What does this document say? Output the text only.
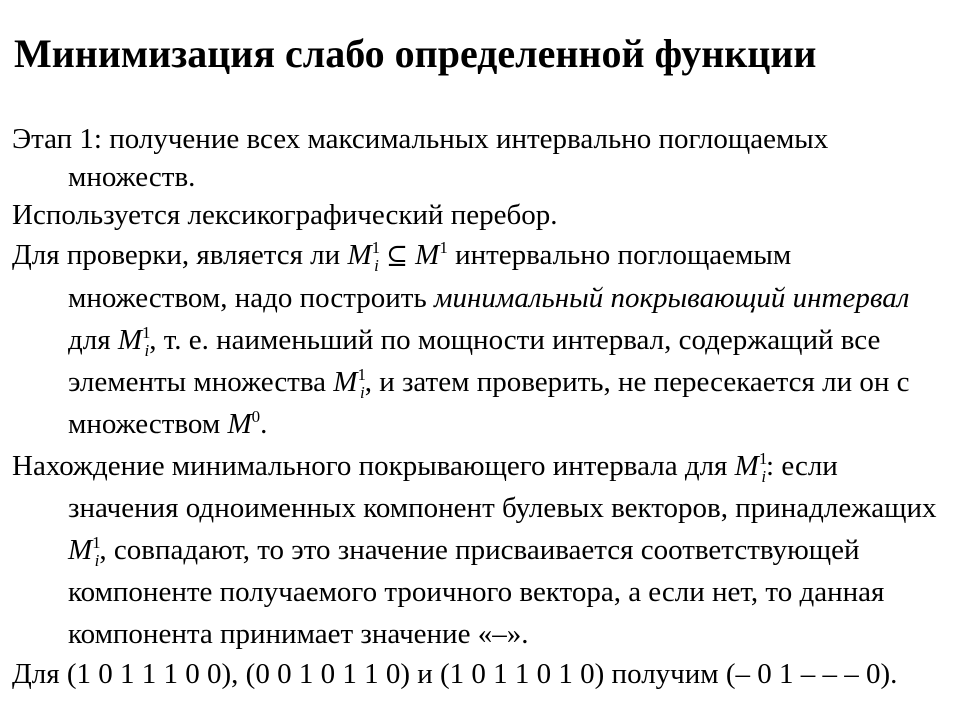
Минимизация слабо определенной функции

Этап 1: получение всех максимальных интервально поглощаемых множеств.

Используется лексикографический перебор.

Для проверки, является ли $M^1_i$ ⊆ $M^1$ интервально поглощаемым множеством, надо построить минимальный покрывающий интервал для $M^1_i$, т. е. наименьший по мощности интервал, содержащий все элементы множества $M^1_i$, и затем проверить, не пересекается ли он с множеством $M^0$.

Нахождение минимального покрывающего интервала для $M^1_i$: если значения одноименных компонент булевых векторов, принадлежащих $M^1_i$, совпадают, то это значение присваивается соответствующей компоненте получаемого троичного вектора, а если нет, то данная компонента принимает значение «–».

Для (1 0 1 1 1 0 0), (0 0 1 0 1 1 0) и (1 0 1 1 0 1 0) получим (– 0 1 – – – 0).
